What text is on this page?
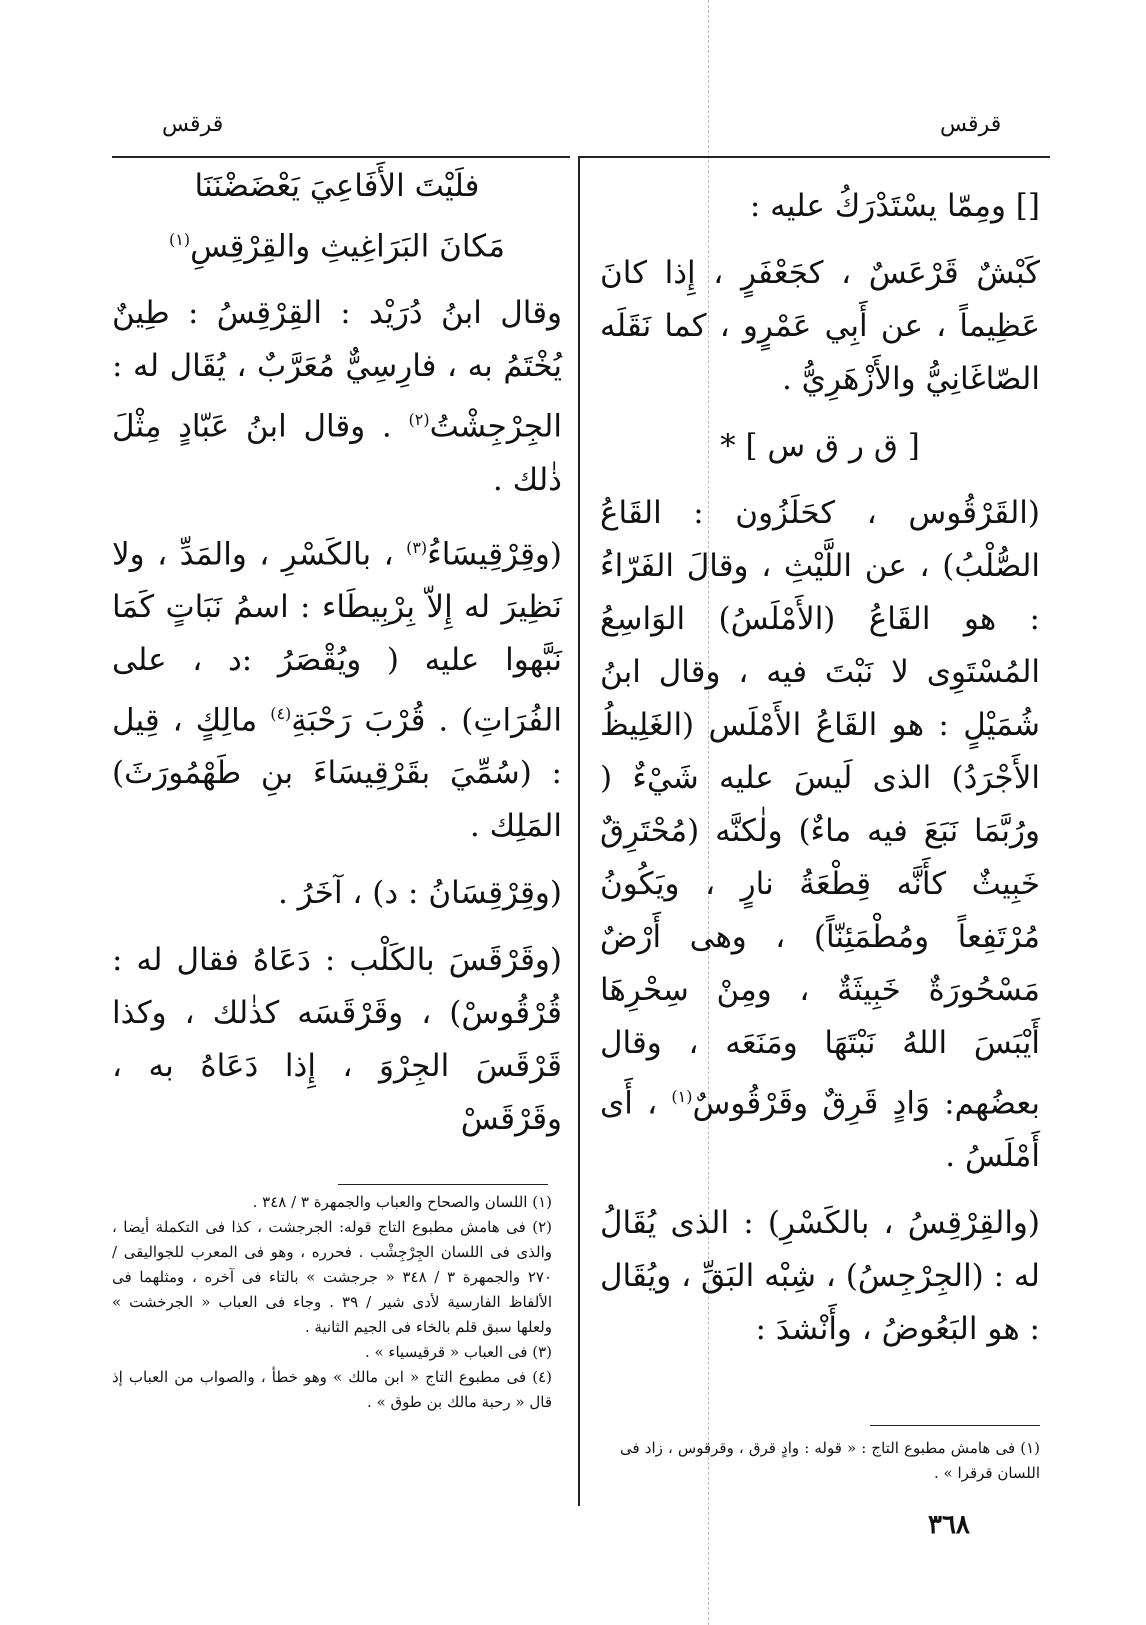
قرقس
قرقس

[] ومِمّا يسْتَدْرَكُ عليه :

كَبْشٌ قَرْعَسٌ ، كجَعْفَرٍ ، إِذا كانَ عَظِيماً ، عن أَبِي عَمْرٍو ، كما نَقَلَه الصّاغَانِيُّ والأَزْهَرِيُّ .

[ ق ر ق س ] *

(القَرْقُوس ، كحَلَزُون : القَاعُ الصُّلْبُ) ، عن اللَّيْثِ ، وقالَ الفَرّاءُ : هو القَاعُ (الأَمْلَسُ) الوَاسِعُ المُسْتَوِى لا نَبْتَ فيه ، وقال ابنُ شُمَيْلٍ : هو القَاعُ الأَمْلَس (الغَلِيظُ الأَجْرَدُ) الذى لَيسَ عليه شَيْءٌ ( ورُبَّمَا نَبَعَ فيه ماءٌ) ولٰكنَّه (مُحْتَرِقٌ خَبِيثٌ كأَنَّه قِطْعَةُ نارٍ ، ويَكُونُ مُرْتَفِعاً ومُطْمَئِنّاً) ، وهى أَرْضٌ مَسْحُورَةٌ خَبِيثَةٌ ، ومِنْ سِحْرِهَا أَيْبَسَ اللهُ نَبْتَهَا ومَنَعَه ، وقال بعضُهم: وَادٍ قَرِقٌ وقَرْقُوسٌ$^{(١)}$ ، أَى أَمْلَسُ .

(والقِرْقِسُ ، بالكَسْرِ) : الذى يُقَالُ له : (الجِرْجِسُ) ، شِبْه البَقِّ ، ويُقَال : هو البَعُوضُ ، وأَنْشدَ :

(١) فى هامش مطبوع التاج : « قوله : وادٍ قرق ، وقرقوس ، زاد فى اللسان قرقرا » .

فلَيْتَ الأَفَاعِيَ يَعْضَضْنَنَا

مَكانَ البَرَاغِيثِ والقِرْقِسِ$^{(١)}$

وقال ابنُ دُرَيْد : القِرْقِسُ : طِينٌ يُخْتَمُ به ، فارِسِيٌّ مُعَرَّبٌ ، يُقَال له : الجِرْجِشْتُ$^{(٢)}$ . وقال ابنُ عَبّادٍ مِثْلَ ذٰلك .

(وقِرْقِيسَاءُ$^{(٣)}$ ، بالكَسْرِ ، والمَدِّ ، ولا نَظِيرَ له إِلاّ بِرْبِيطَاء : اسمُ نَبَاتٍ كَمَا نَبَّهوا عليه ( ويُقْصَرُ :د ، على الفُرَاتِ) . قُرْبَ رَحْبَةِ$^{(٤)}$ مالِكٍ ، قِيل : (سُمِّيَ بقَرْقِيسَاءَ بنِ طَهْمُورَثَ) المَلِك .

(وقِرْقِسَانُ : د) ، آخَرُ .

(وقَرْقَسَ بالكَلْب : دَعَاهُ فقال له : قُرْقُوسْ) ، وقَرْقَسَه كذٰلك ، وكذا قَرْقَسَ الجِرْوَ ، إِذا دَعَاهُ به ، وقَرْقَسْ

(١) اللسان والصحاح والعباب والجمهرة ٣ / ٣٤٨ .

(٢) فى هامش مطبوع التاج قوله: الجرجشت ، كذا فى التكملة أيضا ، والذى فى اللسان الجِرْجِشْب . فحرره ، وهو فى المعرب للجواليقى / ٢٧٠ والجمهرة ٣ / ٣٤٨ « جرجشت » بالتاء فى آخره ، ومثلهما فى الألفاظ الفارسية لأدى شير / ٣٩ . وجاء فى العباب « الجرخشت » ولعلها سبق قلم بالخاء فى الجيم الثانية .

(٣) فى العباب « قرقيسياء » .

(٤) فى مطبوع التاج « ابن مالك » وهو خطأ ، والصواب من العباب إذ قال « رحبة مالك بن طوق » .

٣٦٨
